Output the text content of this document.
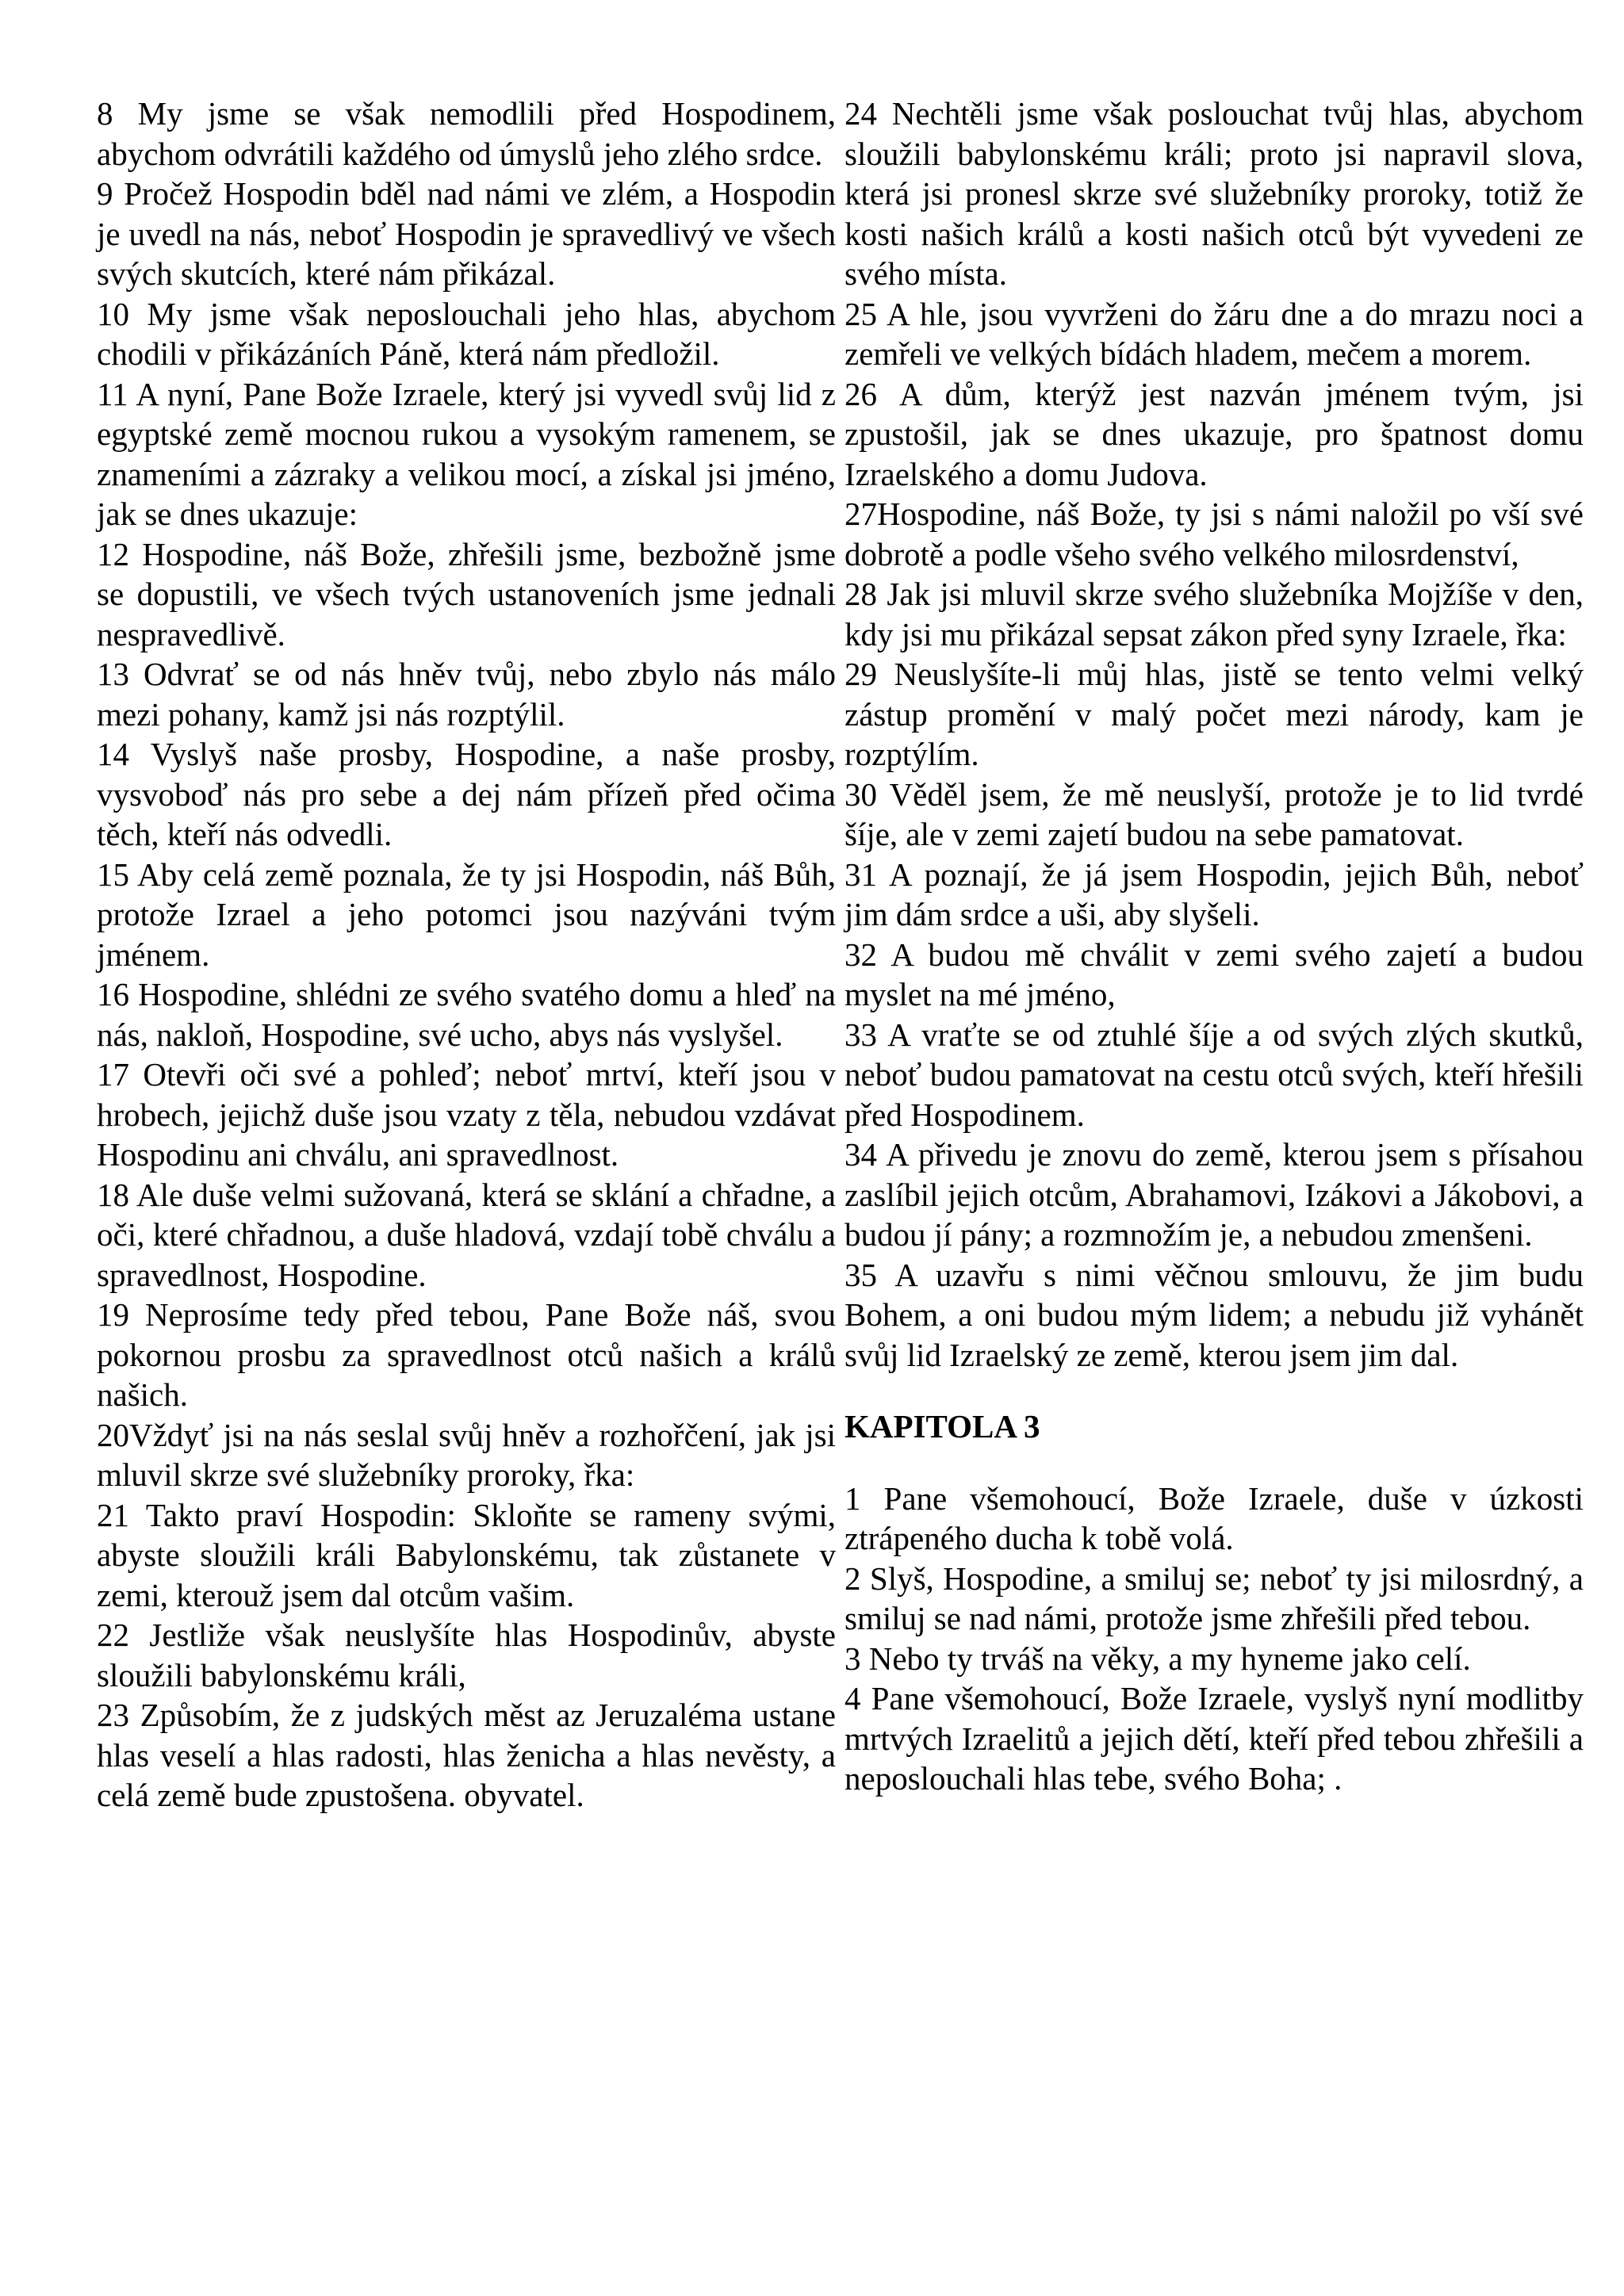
8 My jsme se však nemodlili před Hospodinem, abychom odvrátili každého od úmyslů jeho zlého srdce.

9 Pročež Hospodin bděl nad námi ve zlém, a Hospodin je uvedl na nás, neboť Hospodin je spravedlivý ve všech svých skutcích, které nám přikázal.

10 My jsme však neposlouchali jeho hlas, abychom chodili v přikázáních Páně, která nám předložil.

11 A nyní, Pane Bože Izraele, který jsi vyvedl svůj lid z egyptské země mocnou rukou a vysokým ramenem, se znameními a zázraky a velikou mocí, a získal jsi jméno, jak se dnes ukazuje:

12 Hospodine, náš Bože, zhřešili jsme, bezbožně jsme se dopustili, ve všech tvých ustanoveních jsme jednali nespravedlivě.

13 Odvrať se od nás hněv tvůj, nebo zbylo nás málo mezi pohany, kamž jsi nás rozptýlil.

14 Vyslyš naše prosby, Hospodine, a naše prosby, vysvoboď nás pro sebe a dej nám přízeň před očima těch, kteří nás odvedli.

15 Aby celá země poznala, že ty jsi Hospodin, náš Bůh, protože Izrael a jeho potomci jsou nazýváni tvým jménem.

16 Hospodine, shlédni ze svého svatého domu a hleď na nás, nakloň, Hospodine, své ucho, abys nás vyslyšel.

17 Otevři oči své a pohleď; neboť mrtví, kteří jsou v hrobech, jejichž duše jsou vzaty z těla, nebudou vzdávat Hospodinu ani chválu, ani spravedlnost.

18 Ale duše velmi sužovaná, která se sklání a chřadne, a oči, které chřadnou, a duše hladová, vzdají tobě chválu a spravedlnost, Hospodine.

19 Neprosíme tedy před tebou, Pane Bože náš, svou pokornou prosbu za spravedlnost otců našich a králů našich.

20Vždyť jsi na nás seslal svůj hněv a rozhořčení, jak jsi mluvil skrze své služebníky proroky, řka:

21 Takto praví Hospodin: Skloňte se rameny svými, abyste sloužili králi Babylonskému, tak zůstanete v zemi, kterouž jsem dal otcům vašim.

22 Jestliže však neuslyšíte hlas Hospodinův, abyste sloužili babylonskému králi,

23 Způsobím, že z judských měst az Jeruzaléma ustane hlas veselí a hlas radosti, hlas ženicha a hlas nevěsty, a celá země bude zpustošena. obyvatel.

24 Nechtěli jsme však poslouchat tvůj hlas, abychom sloužili babylonskému králi; proto jsi napravil slova, která jsi pronesl skrze své služebníky proroky, totiž že kosti našich králů a kosti našich otců být vyvedeni ze svého místa.

25 A hle, jsou vyvrženi do žáru dne a do mrazu noci a zemřeli ve velkých bídách hladem, mečem a morem.

26 A dům, kterýž jest nazván jménem tvým, jsi zpustošil, jak se dnes ukazuje, pro špatnost domu Izraelského a domu Judova.

27Hospodine, náš Bože, ty jsi s námi naložil po vší své dobrotě a podle všeho svého velkého milosrdenství,

28 Jak jsi mluvil skrze svého služebníka Mojžíše v den, kdy jsi mu přikázal sepsat zákon před syny Izraele, řka:

29 Neuslyšíte-li můj hlas, jistě se tento velmi velký zástup promění v malý počet mezi národy, kam je rozptýlím.

30 Věděl jsem, že mě neuslyší, protože je to lid tvrdé šíje, ale v zemi zajetí budou na sebe pamatovat.

31 A poznají, že já jsem Hospodin, jejich Bůh, neboť jim dám srdce a uši, aby slyšeli.

32 A budou mě chválit v zemi svého zajetí a budou myslet na mé jméno,

33 A vraťte se od ztuhlé šíje a od svých zlých skutků, neboť budou pamatovat na cestu otců svých, kteří hřešili před Hospodinem.

34 A přivedu je znovu do země, kterou jsem s přísahou zaslíbil jejich otcům, Abrahamovi, Izákovi a Jákobovi, a budou jí pány; a rozmnožím je, a nebudou zmenšeni.

35 A uzavřu s nimi věčnou smlouvu, že jim budu Bohem, a oni budou mým lidem; a nebudu již vyhánět svůj lid Izraelský ze země, kterou jsem jim dal.

KAPITOLA 3

1 Pane všemohoucí, Bože Izraele, duše v úzkosti ztrápeného ducha k tobě volá.

2 Slyš, Hospodine, a smiluj se; neboť ty jsi milosrdný, a smiluj se nad námi, protože jsme zhřešili před tebou.

3 Nebo ty trváš na věky, a my hyneme jako celí.

4 Pane všemohoucí, Bože Izraele, vyslyš nyní modlitby mrtvých Izraelitů a jejich dětí, kteří před tebou zhřešili a neposlouchali hlas tebe, svého Boha; .
